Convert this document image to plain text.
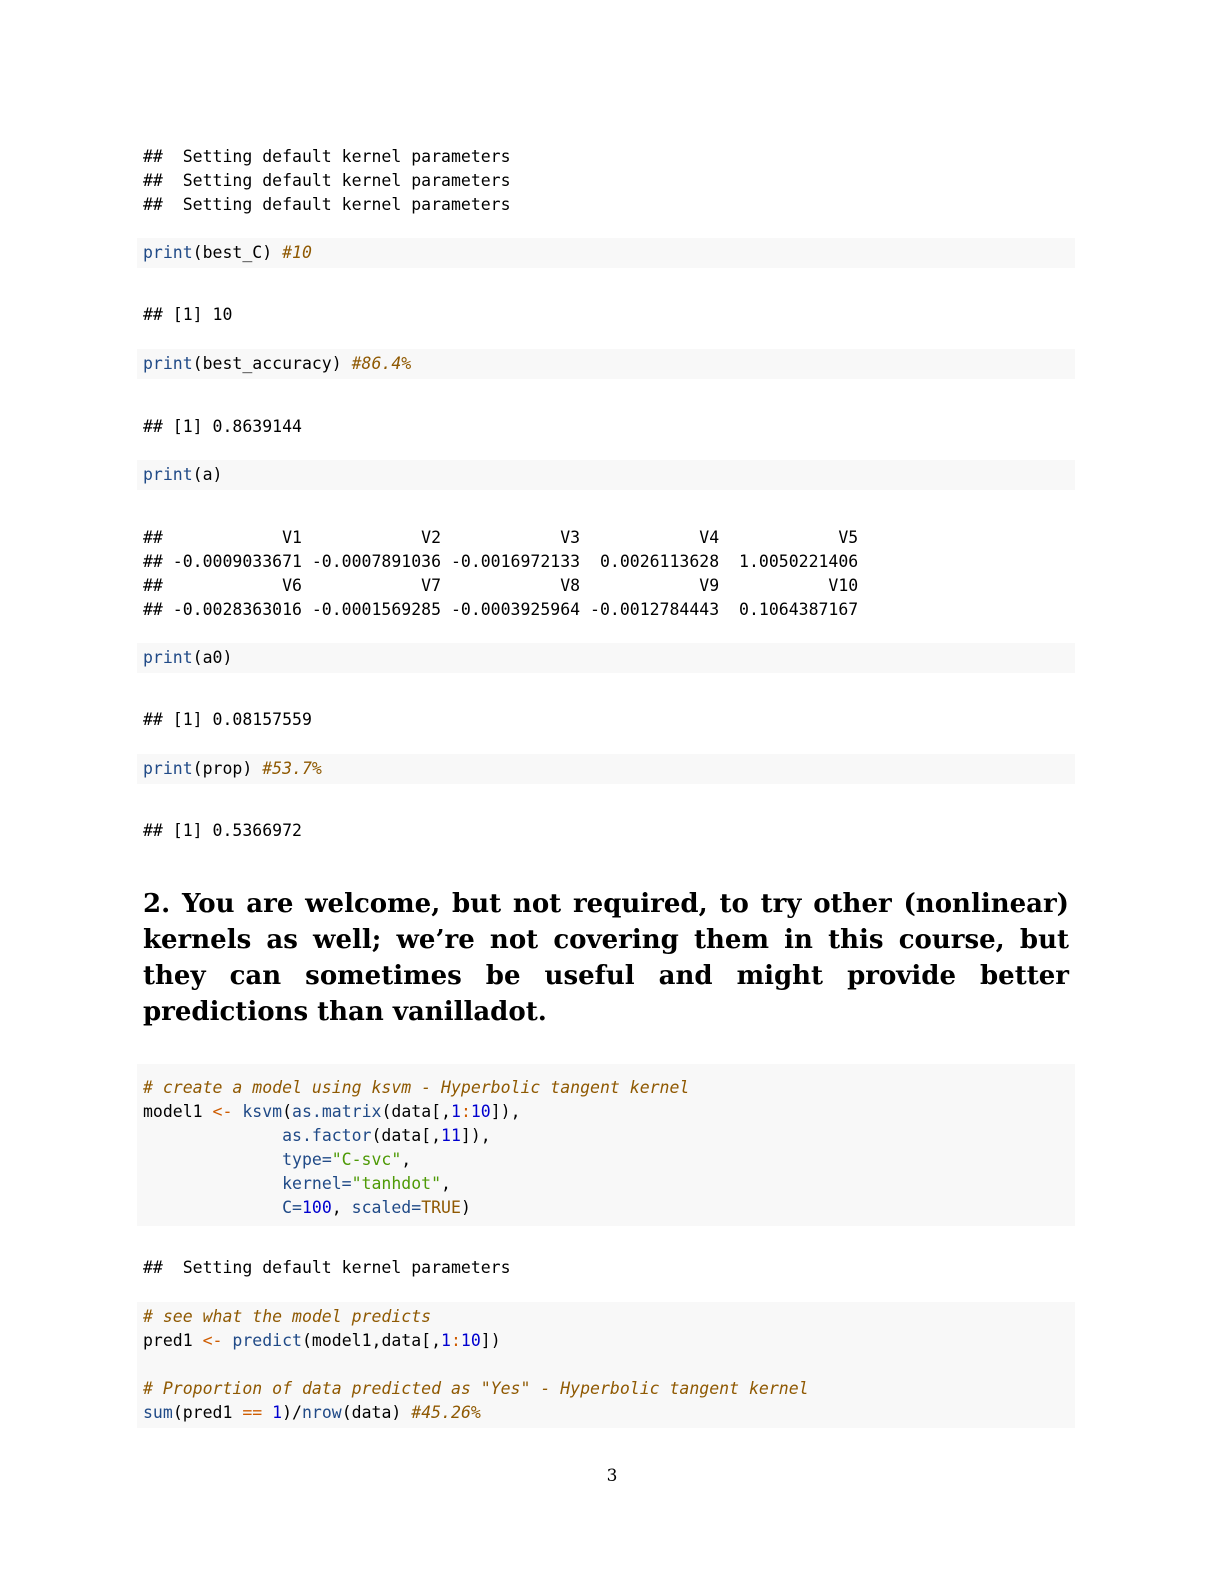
##  Setting default kernel parameters
##  Setting default kernel parameters
##  Setting default kernel parameters
print(best_C) #10
## [1] 10
print(best_accuracy) #86.4%
## [1] 0.8639144
print(a)
##            V1            V2            V3            V4            V5
## -0.0009033671 -0.0007891036 -0.0016972133  0.0026113628  1.0050221406
##            V6            V7            V8            V9           V10
## -0.0028363016 -0.0001569285 -0.0003925964 -0.0012784443  0.1064387167
print(a0)
## [1] 0.08157559
print(prop) #53.7%
## [1] 0.5366972

2. You are welcome, but not required, to try other (nonlinear) kernels as well; we’re not covering them in this course, but they can sometimes be useful and might provide better predictions than vanilladot.

# create a model using ksvm - Hyperbolic tangent kernel
model1 <- ksvm(as.matrix(data[,1:10]),
as.factor(data[,11]),
type="C-svc",
kernel="tanhdot",
C=100, scaled=TRUE)
##  Setting default kernel parameters
# see what the model predicts
pred1 <- predict(model1,data[,1:10])

# Proportion of data predicted as "Yes" - Hyperbolic tangent kernel
sum(pred1 == 1)/nrow(data) #45.26%
3
